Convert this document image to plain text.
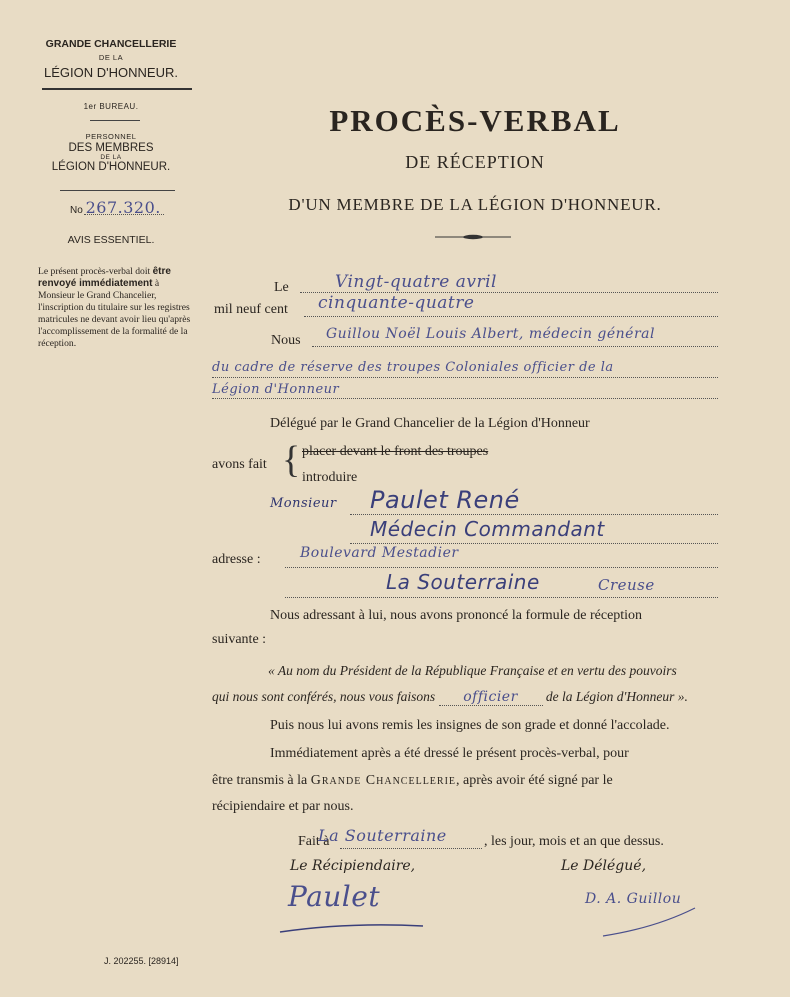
GRANDE CHANCELLERIE
DE LA
LÉGION D'HONNEUR.
1er BUREAU.
PERSONNEL
DES MEMBRES
DE LA
LÉGION D'HONNEUR.
No 267.320.
AVIS ESSENTIEL.
Le présent procès-verbal doit être renvoyé immédiatement à Monsieur le Grand Chancelier, l'inscription du titulaire sur les registres matricules ne devant avoir lieu qu'après l'accomplissement de la formalité de la réception.
PROCÈS-VERBAL
DE RÉCEPTION
D'UN MEMBRE DE LA LÉGION D'HONNEUR.
Le	Vingt-quatre avril
mil neuf cent cinquante-quatre
Nous Guillou Noël Louis Albert, médecin général
du cadre de réserve des troupes Coloniales officier de la
Légion d'Honneur
Délégué par le Grand Chancelier de la Légion d'Honneur
avons fait { placer devant le front des troupes
introduire
Monsieur Paulet René
Médecin Commandant
adresse :	Boulevard Mestadier
La Souterraine	Creuse
Nous adressant à lui, nous avons prononcé la formule de réception
suivante :
« Au nom du Président de la République Française et en vertu des pouvoirs
qui nous sont conférés, nous vous faisons officier de la Légion d'Honneur ».
Puis nous lui avons remis les insignes de son grade et donné l'accolade.
Immédiatement après a été dressé le présent procès-verbal, pour
être transmis à la Grande Chancellerie, après avoir été signé par le
récipiendaire et par nous.
Fait à
La Souterraine	, les jour, mois et an que dessus.
Le Récipiendaire,	Le Délégué,
Paulet	D. A. Guillou
J. 202255. [28914]
